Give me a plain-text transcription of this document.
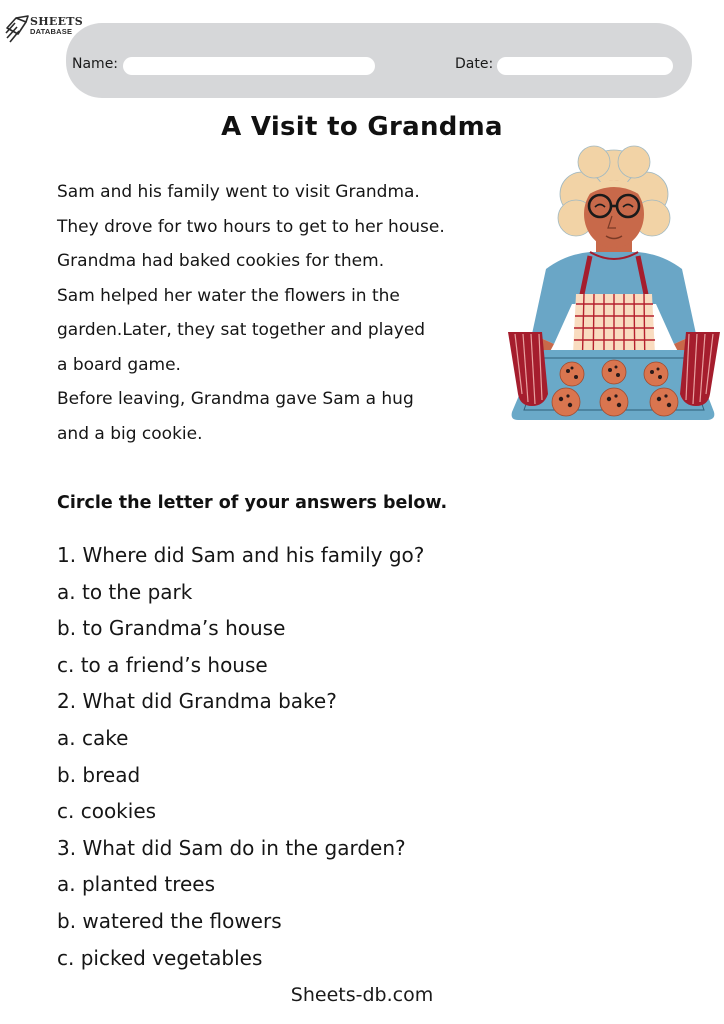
SHEETS
DATABASE
Name:	Date:
A Visit to Grandma
Sam and his family went to visit Grandma.
They drove for two hours to get to her house.
Grandma had baked cookies for them.
Sam helped her water the flowers in the
garden.Later, they sat together and played
a board game.
Before leaving, Grandma gave Sam a hug
and a big cookie.
Circle the letter of your answers below.
1. Where did Sam and his family go?
a. to the park
b. to Grandma’s house
c. to a friend’s house
2. What did Grandma bake?
a. cake
b. bread
c. cookies
3. What did Sam do in the garden?
a. planted trees
b. watered the flowers
c. picked vegetables
Sheets-db.com
